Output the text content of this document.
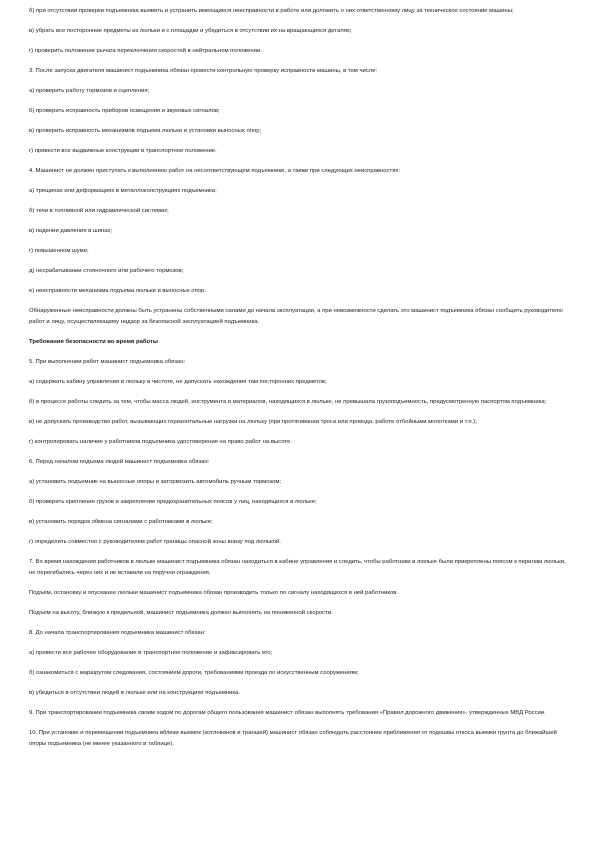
б) при отсутствии проверки подъемника выявить и устранить имеющиеся неисправности в работе или доложить о них ответственному лицу за техническое состояние машины;

в) убрать все посторонние предметы из люльки и с площадки и убедиться в отсутствии их на вращающихся деталях;

г) проверить положение рычага переключения скоростей в нейтральном положении.

3. После запуска двигателя машинист подъемника обязан провести контрольную проверку исправности машины, в том числе:

а) проверить работу тормозов и сцепления;

б) проверить исправность приборов освещения и звуковых сигналов;

в) проверить исправность механизмов подъема люльки и установки выносных опор;

г) привести все выдвижные конструкции в транспортное положение.

4. Машинист не должен приступать к выполнению работ на несоответствующем подъемнике, а также при следующих неисправностях:

а) трещинах или деформациях в металлоконструкциях подъемника;

б) течи в топливной или гидравлической системах;

в) падении давления в шинах;

г) повышенном шуме;

д) несрабатывании стояночного или рабочего тормозов;

е) неисправности механизма подъема люльки и выносных опор.

Обнаруженные неисправности должны быть устранены собственными силами до начала эксплуатации, а при невозможности сделать это машинист подъемника обязан сообщить руководителю работ и лицу, осуществляющему надзор за безопасной эксплуатацией подъемника.

Требования безопасности во время работы

5. При выполнении работ машинист подъемника обязан:

а) содержать кабину управления и люльку в чистоте, не допускать нахождения там посторонних предметов;

б) в процессе работы следить за тем, чтобы масса людей, инструмента и материалов, находящихся в люльке, не превышала грузоподъемность, предусмотренную паспортом подъемника;

в) не допускать производство работ, вызывающих горизонтальные нагрузки на люльку (при протягивании троса или провода, работе отбойными молотками и т.п.);

г) контролировать наличие у работников подъемника удостоверения на право работ на высоте.

6. Перед началом подъема людей машинист подъемника обязан:

а) установить подъемник на выносные опоры и затормозить автомобиль ручным тормозом;

б) проверить крепление грузов и закрепление предохранительных поясов у лиц, находящихся в люльке;

в) установить порядок обмена сигналами с работниками в люльке;

г) определить совместно с руководителем работ границы опасной зоны внизу под люлькой.

7. Во время нахождения работников в люльке машинист подъемника обязан находиться в кабине управления и следить, чтобы работники в люльке были прикреплены поясом к перилам люльки, не перегибались через них и не вставали на поручни ограждения.

Подъем, остановку и опускание люльки машинист подъемника обязан производить только по сигналу находящихся в ней работников.

Подъем на высоту, близкую к предельной, машинист подъемника должен выполнять на пониженной скорости.

8. До начала транспортирования подъемника машинист обязан:

а) привести все рабочее оборудование в транспортное положение и зафиксировать его;

б) ознакомиться с маршрутом следования, состоянием дороги, требованиями проезда по искусственным сооружениям;

в) убедиться в отсутствии людей в люльке или на конструкциях подъемника.

9. При транспортировании подъемника своим ходом по дорогам общего пользования машинист обязан выполнять требования «Правил дорожного движения», утвержденных МВД России.

10. При установке и перемещении подъемника вблизи выемок (котлованов и траншей) машинист обязан соблюдать расстояние приближения от подошвы откоса выемки грунта до ближайшей опоры подъемника (не менее указанного в таблице).
